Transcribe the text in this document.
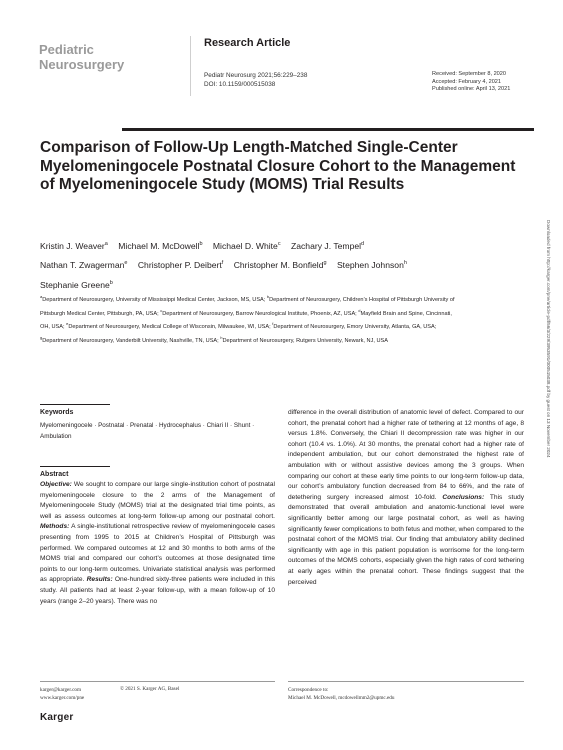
Pediatric
Neurosurgery
Research Article
Pediatr Neurosurg 2021;56:229–238
DOI: 10.1159/000515038
Received: September 8, 2020
Accepted: February 4, 2021
Published online: April 13, 2021
Comparison of Follow-Up Length-Matched Single-Center Myelomeningocele Postnatal Closure Cohort to the Management of Myelomeningocele Study (MOMS) Trial Results
Kristin J. Weaver$^a$ Michael M. McDowell$^b$ Michael D. White$^c$ Zachary J. Tempel$^d$ Nathan T. Zwagerman$^e$ Christopher P. Deibert$^f$ Christopher M. Bonfield$^g$ Stephen Johnson$^h$ Stephanie Greene$^b$
$^a$Department of Neurosurgery, University of Mississippi Medical Center, Jackson, MS, USA; $^b$Department of Neurosurgery, Children’s Hospital of Pittsburgh University of Pittsburgh Medical Center, Pittsburgh, PA, USA; $^c$Department of Neurosurgery, Barrow Neurological Institute, Phoenix, AZ, USA; $^d$Mayfield Brain and Spine, Cincinnati, OH, USA; $^e$Department of Neurosurgery, Medical College of Wisconsin, Milwaukee, WI, USA; $^f$Department of Neurosurgery, Emory University, Atlanta, GA, USA; $^g$Department of Neurosurgery, Vanderbilt University, Nashville, TN, USA; $^h$Department of Neurosurgery, Rutgers University, Newark, NJ, USA	Downloaded from http://karger.com/pne/article-pdf/56/3/229/3953591/000515038.pdf by guest on 13 November 2024
Keywords
Myelomeningocele · Postnatal · Prenatal · Hydrocephalus · Chiari II · Shunt · Ambulation
Abstract
Objective: We sought to compare our large single-institution cohort of postnatal myelomeningocele closure to the 2 arms of the Management of Myelomeningocele Study (MOMS) trial at the designated trial time points, as well as assess outcomes at long-term follow-up among our postnatal cohort. Methods: A single-institutional retrospective review of myelomeningocele cases presenting from 1995 to 2015 at Children’s Hospital of Pittsburgh was performed. We compared outcomes at 12 and 30 months to both arms of the MOMS trial and compared our cohort’s outcomes at those designated time points to our long-term outcomes. Univariate statistical analysis was performed as appropriate. Results: One-hundred sixty-three patients were included in this study. All patients had at least 2-year follow-up, with a mean follow-up of 10 years (range 2–20 years). There was no
difference in the overall distribution of anatomic level of defect. Compared to our cohort, the prenatal cohort had a higher rate of tethering at 12 months of age, 8 versus 1.8%. Conversely, the Chiari II decompression rate was higher in our cohort (10.4 vs. 1.0%). At 30 months, the prenatal cohort had a higher rate of independent ambulation, but our cohort demonstrated the highest rate of ambulation with or without assistive devices among the 3 groups. When comparing our cohort at these early time points to our long-term follow-up data, our cohort’s ambulatory function decreased from 84 to 66%, and the rate of detethering surgery increased almost 10-fold. Conclusions: This study demonstrated that overall ambulation and anatomic-functional level were significantly better among our large postnatal cohort, as well as having significantly fewer complications to both fetus and mother, when compared to the postnatal cohort of the MOMS trial. Our finding that ambulatory ability declined significantly with age in this patient population is worrisome for the long-term outcomes of the MOMS cohorts, especially given the high rates of cord tethering at early ages within the prenatal cohort. These findings suggest that the perceived
karger@karger.com
www.karger.com/pne
© 2021 S. Karger AG, Basel	Correspondence to:
Michael M. McDowell, mcdowellmm2@upmc.edu
Karger
